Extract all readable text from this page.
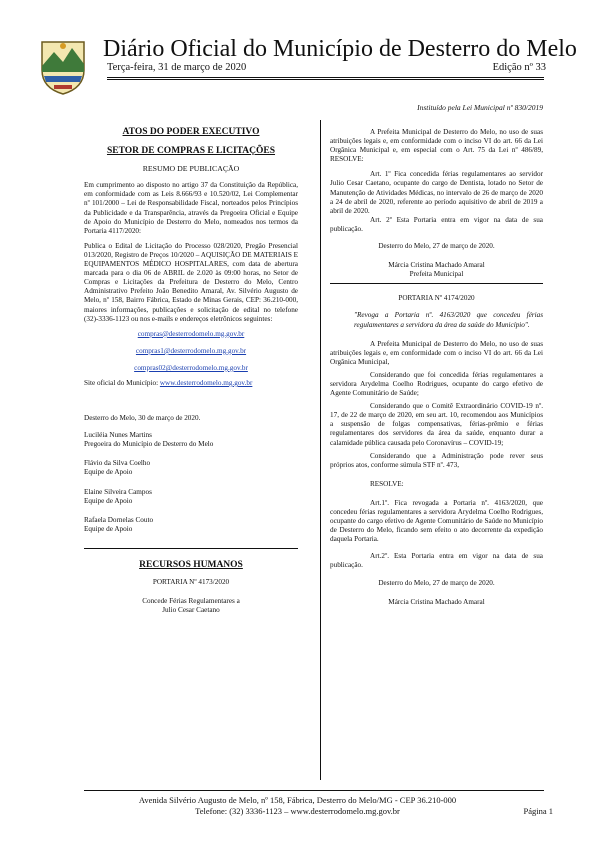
Diário Oficial do Município de Desterro do Melo
Terça-feira, 31 de março de 2020	Edição nº 33
Instituído pela Lei Municipal nº 830/2019
ATOS DO PODER EXECUTIVO
SETOR DE COMPRAS E LICITAÇÕES
RESUMO DE PUBLICAÇÃO

Em cumprimento ao disposto no artigo 37 da Constituição da República, em conformidade com as Leis 8.666/93 e 10.520/02, Lei Complementar nº 101/2000 – Lei de Responsabilidade Fiscal, norteados pelos Princípios da Publicidade e da Transparência, através da Pregoeira Oficial e Equipe de Apoio do Município de Desterro do Melo, nomeados nos termos da Portaria 4117/2020:

Publica o Edital de Licitação do Processo 028/2020, Pregão Presencial 013/2020, Registro de Preços 10/2020 – AQUISIÇÃO DE MATERIAIS E EQUIPAMENTOS MÉDICO HOSPITALARES, com data de abertura marcada para o dia 06 de ABRIL de 2.020 às 09:00 horas, no Setor de Compras e Licitações da Prefeitura de Desterro do Melo, Centro Administrativo Prefeito João Benedito Amaral, Av. Silvério Augusto de Melo, nº 158, Bairro Fábrica, Estado de Minas Gerais, CEP: 36.210-000, maiores informações, publicações e solicitação de edital no telefone (32)-3336-1123 ou nos e-mails e endereços eletrônicos seguintes:

compras@desterrodomelo.mg.gov.br

compras1@desterrodomelo.mg.gov.br

compras02@desterrodomelo.mg.gov.br

Site oficial do Município: www.desterrodomelo.mg.gov.br

Desterro do Melo, 30 de março de 2020.

Luciléia Nunes Martins
Pregoeira do Município de Desterro do Melo
Flávio da Silva Coelho
Equipe de Apoio
Elaine Silveira Campos
Equipe de Apoio
Rafaela Dornelas Couto
Equipe de Apoio
RECURSOS HUMANOS
PORTARIA Nº 4173/2020
Concede Férias Regulamentares a
Julio Cesar Caetano

A Prefeita Municipal de Desterro do Melo, no uso de suas atribuições legais e, em conformidade com o inciso VI do art. 66 da Lei Orgânica Municipal e, em especial com o Art. 75 da Lei nº 486/89, RESOLVE:

Art. 1º Fica concedida férias regulamentares ao servidor Julio Cesar Caetano, ocupante do cargo de Dentista, lotado no Setor de Manutenção de Atividades Médicas, no intervalo de 26 de março de 2020 a 24 de abril de 2020, referente ao período aquisitivo de abril de 2019 a abril de 2020.

Art. 2º Esta Portaria entra em vigor na data de sua publicação.

Desterro do Melo, 27 de março de 2020.

Márcia Cristina Machado Amaral
Prefeita Municipal
PORTARIA Nº 4174/2020

"Revoga a Portaria nº. 4163/2020 que concedeu férias regulamentares a servidora da área da saúde do Município".

A Prefeita Municipal de Desterro do Melo, no uso de suas atribuições legais e, em conformidade com o inciso VI do art. 66 da Lei Orgânica Municipal,

Considerando que foi concedida férias regulamentares a servidora Arydelma Coelho Rodrigues, ocupante do cargo efetivo de Agente Comunitário de Saúde;

Considerando que o Comitê Extraordinário COVID-19 nº. 17, de 22 de março de 2020, em seu art. 10, recomendou aos Municípios a suspensão de folgas compensativas, férias-prêmio e férias regulamentares dos servidores da área da saúde, enquanto durar a calamidade pública causada pelo Coronavírus – COVID-19;

Considerando que a Administração pode rever seus próprios atos, conforme súmula STF nº. 473,

RESOLVE:

Art.1º. Fica revogada a Portaria nº. 4163/2020, que concedeu férias regulamentares a servidora Arydelma Coelho Rodrigues, ocupante do cargo efetivo de Agente Comunitário de Saúde no Município de Desterro do Melo, ficando sem efeito o ato decorrente da expedição daquela Portaria.

Art.2º. Esta Portaria entra em vigor na data de sua publicação.

Desterro do Melo, 27 de março de 2020.

Márcia Cristina Machado Amaral
Avenida Silvério Augusto de Melo, nº 158, Fábrica, Desterro do Melo/MG - CEP 36.210-000
Telefone: (32) 3336-1123 – www.desterrodomelo.mg.gov.br	Página 1
